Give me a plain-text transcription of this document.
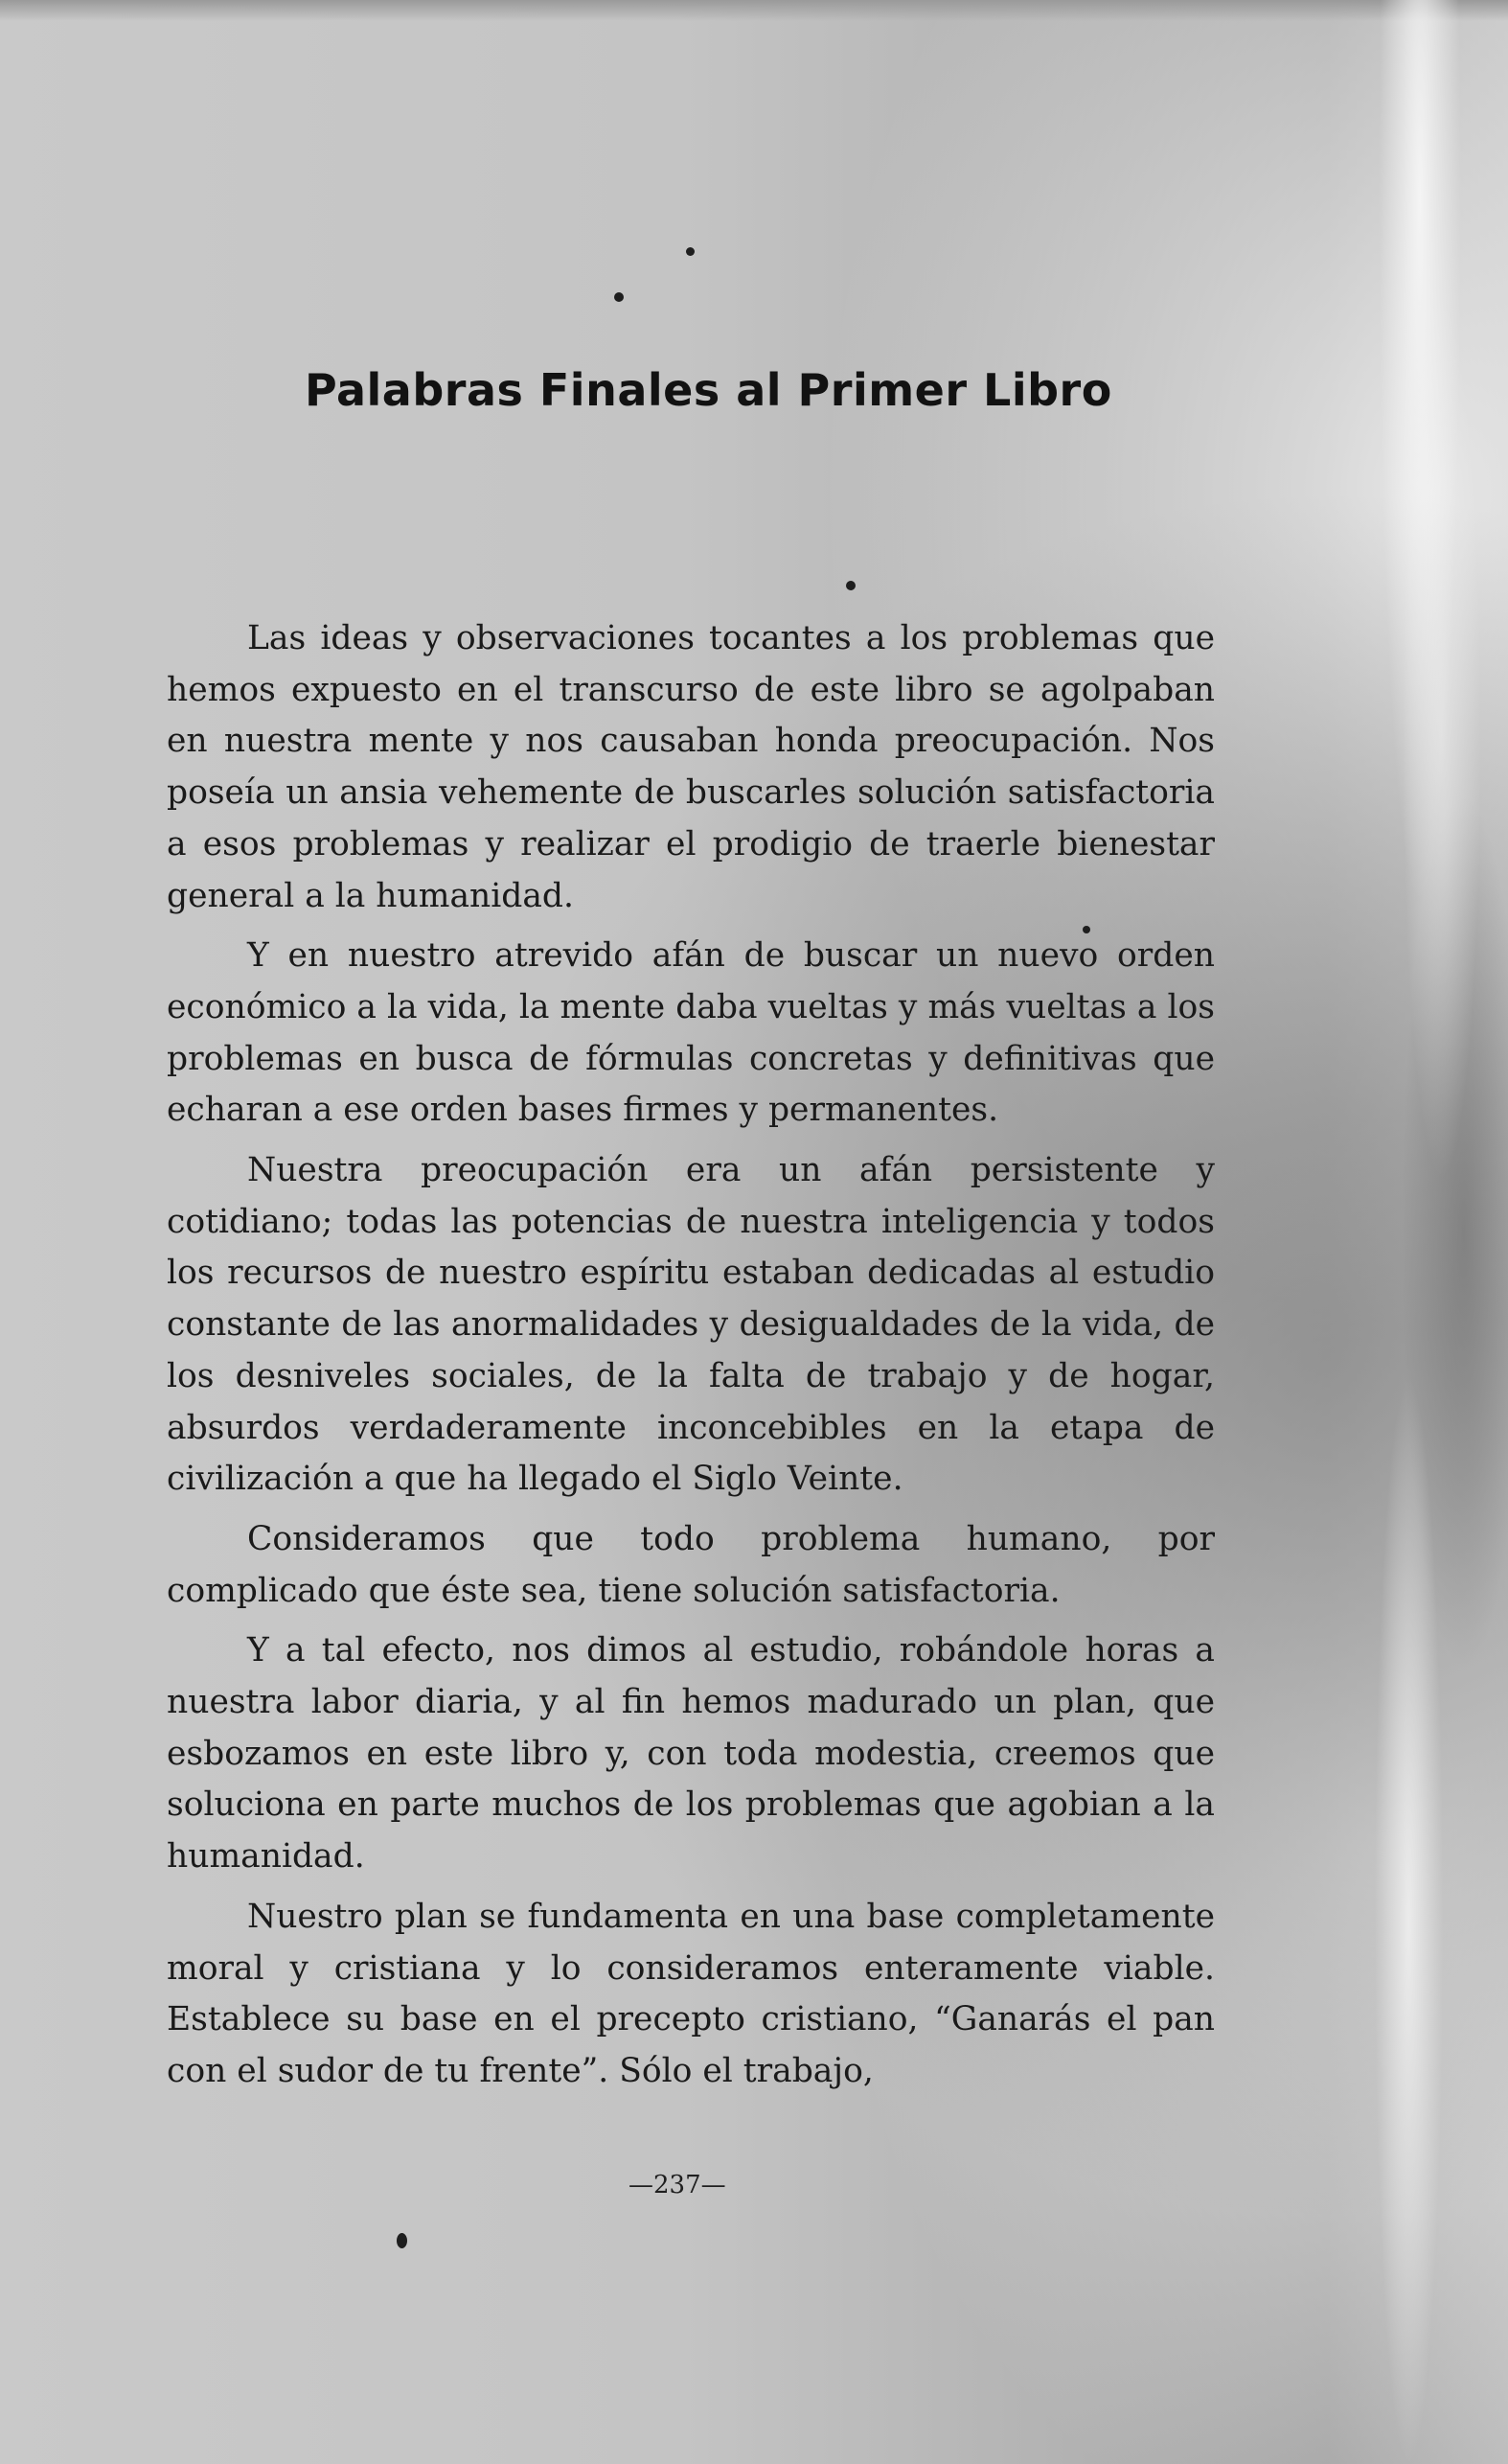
Palabras Finales al Primer Libro

Las ideas y observaciones tocantes a los problemas que hemos expuesto en el transcurso de este libro se agolpaban en nuestra mente y nos causaban honda preocupación. Nos poseía un ansia vehemente de buscarles solución satisfactoria a esos problemas y realizar el prodigio de traerle bienestar general a la humanidad.

Y en nuestro atrevido afán de buscar un nuevo orden económico a la vida, la mente daba vueltas y más vueltas a los problemas en busca de fórmulas concretas y definitivas que echaran a ese orden bases firmes y permanentes.

Nuestra preocupación era un afán persistente y cotidiano; todas las potencias de nuestra inteligencia y todos los recursos de nuestro espíritu estaban dedicadas al estudio constante de las anormalidades y desigualdades de la vida, de los desniveles sociales, de la falta de trabajo y de hogar, absurdos verdaderamente inconcebibles en la etapa de civilización a que ha llegado el Siglo Veinte.

Consideramos que todo problema humano, por complicado que éste sea, tiene solución satisfactoria.

Y a tal efecto, nos dimos al estudio, robándole horas a nuestra labor diaria, y al fin hemos madurado un plan, que esbozamos en este libro y, con toda modestia, creemos que soluciona en parte muchos de los problemas que agobian a la humanidad.

Nuestro plan se fundamenta en una base completamente moral y cristiana y lo consideramos enteramente viable. Establece su base en el precepto cristiano, “Ganarás el pan con el sudor de tu frente”. Sólo el trabajo,

—237—
